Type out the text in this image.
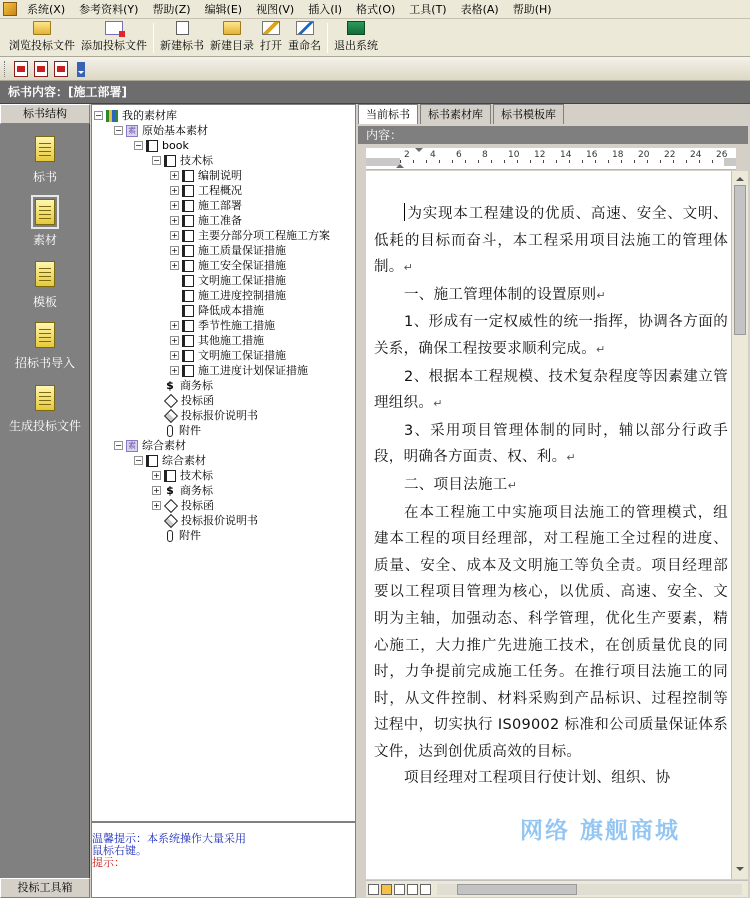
系统(X)	参考资料(Y)	帮助(Z)	编辑(E)	视图(V)	插入(I)	格式(O)	工具(T)	表格(A)	帮助(H)
浏览投标文件 添加投标文件 新建标书 新建目录 打开 重命名 退出系统
标书内容：[施工部署]
标书结构
投标工具箱
标书
素材
模板
招标书导入
生成投标文件
− 我的素材库
− 素 原始基本素材
− book
− 技术标
+ 编制说明
+ 工程概况
+ 施工部署
+ 施工准备
+ 主要分部分项工程施工方案
+ 施工质量保证措施
+ 施工安全保证措施
文明施工保证措施
施工进度控制措施
降低成本措施
+ 季节性施工措施
+ 其他施工措施
+ 文明施工保证措施
+ 施工进度计划保证措施
$ 商务标
投标函
投标报价说明书
附件
− 素 综合素材
− 综合素材
+ 技术标
+ $ 商务标
+ 投标函
投标报价说明书
附件
温馨提示：本系统操作大量采用
鼠标右键。
提示：
当前标书	标书素材库	标书模板库
内容：
2 4 6 8 10 12 14 16 18 20 22 24 26
为实现本工程建设的优质、高速、安全、文明、低耗的目标而奋斗，本工程采用项目法施工的管理体制。↵
一、施工管理体制的设置原则↵
1、形成有一定权威性的统一指挥，协调各方面的关系，确保工程按要求顺利完成。↵
2、根据本工程规模、技术复杂程度等因素建立管理组织。↵
3、采用项目管理体制的同时，辅以部分行政手段，明确各方面责、权、利。↵
二、项目法施工↵
在本工程施工中实施项目法施工的管理模式，组建本工程的项目经理部，对工程施工全过程的进度、质量、安全、成本及文明施工等负全责。项目经理部要以工程项目管理为核心，以优质、高速、安全、文明为主轴，加强动态、科学管理，优化生产要素，精心施工，大力推广先进施工技术，在创质量优良的同时，力争提前完成施工任务。在推行项目法施工的同时，从文件控制、材料采购到产品标识、过程控制等过程中，切实执行 IS09002 标准和公司质量保证体系文件，达到创优质高效的目标。
项目经理对工程项目行使计划、组织、协
网络 旗舰商城
